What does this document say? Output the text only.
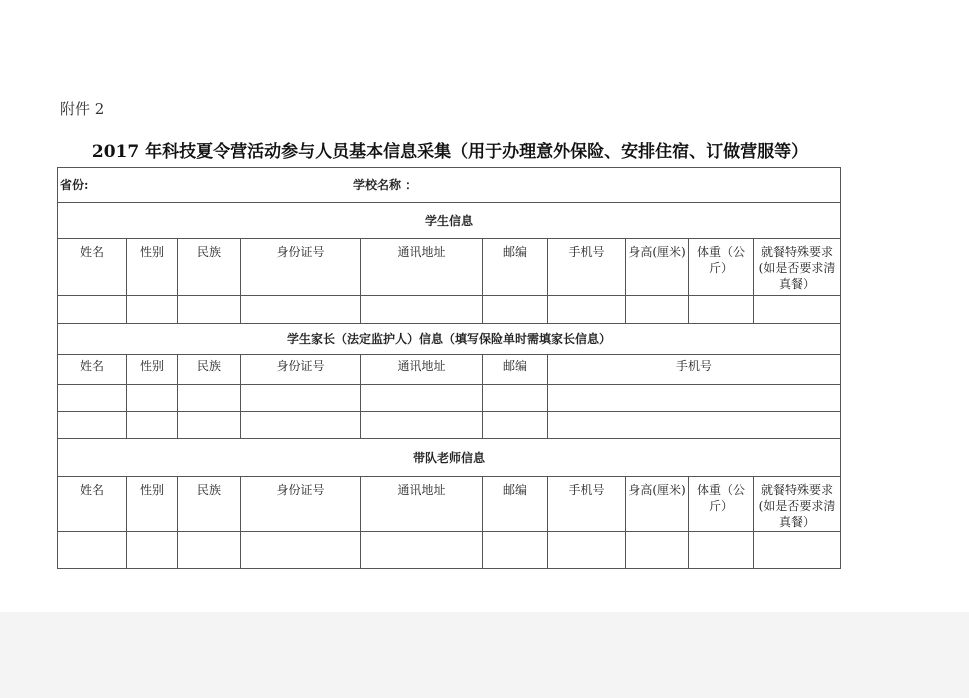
附件 2
2017 年科技夏令营活动参与人员基本信息采集（用于办理意外保险、安排住宿、订做营服等）
省份: 学校名称 ：									

学生信息									
姓名	性别	民族	身份证号	通讯地址	邮编	手机号	身高(厘米)	体重（公斤）	就餐特殊要求(如是否要求清真餐）

学生家长（法定监护人）信息（填写保险单时需填家长信息）									
姓名	性别	民族	身份证号	通讯地址	邮编	手机号			

带队老师信息									
姓名	性别	民族	身份证号	通讯地址	邮编	手机号	身高(厘米)	体重（公斤）	就餐特殊要求(如是否要求清真餐）
